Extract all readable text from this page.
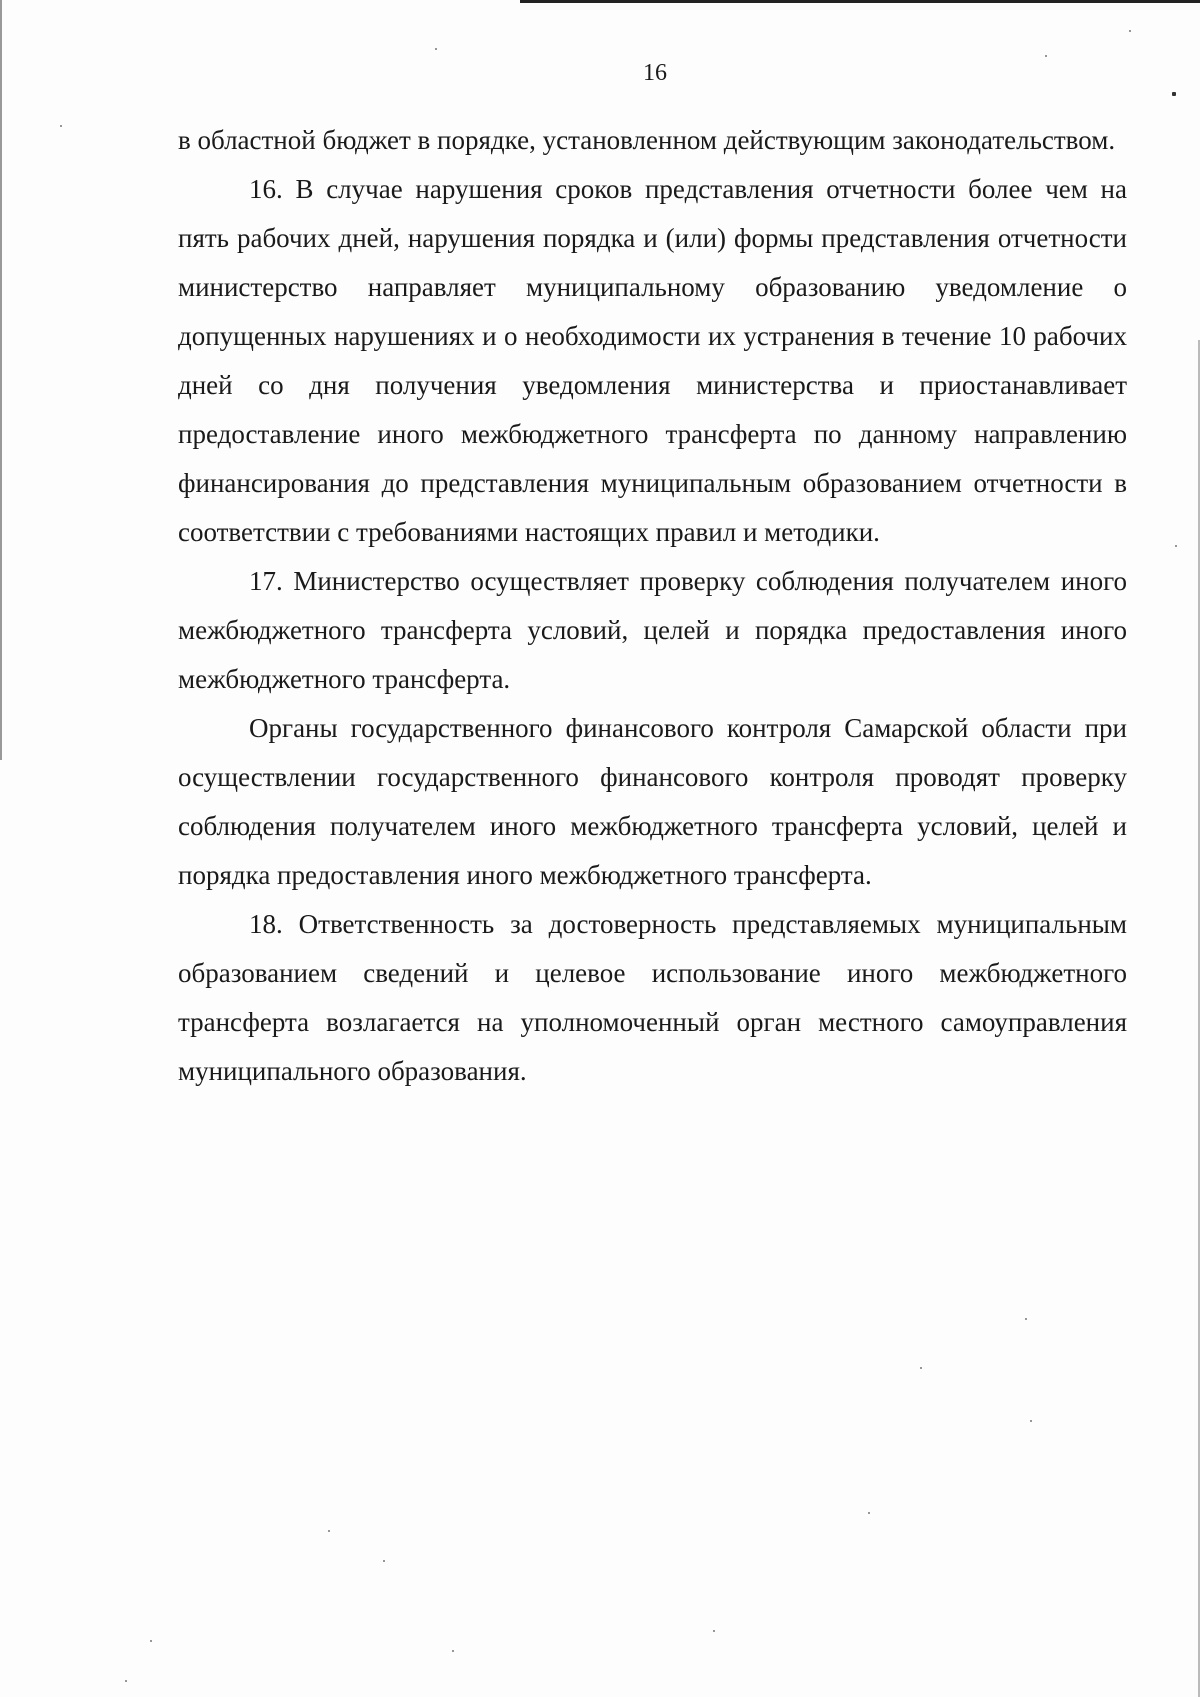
16

в областной бюджет в порядке, установленном действующим законодательством.

16. В случае нарушения сроков представления отчетности более чем на пять рабочих дней, нарушения порядка и (или) формы представления отчетности министерство направляет муниципальному образованию уведомление о допущенных нарушениях и о необходимости их устранения в течение 10 рабочих дней со дня получения уведомления министерства и приостанавливает предоставление иного межбюджетного трансферта по данному направлению финансирования до представления муниципальным образованием отчетности в соответствии с требованиями настоящих правил и методики.

17. Министерство осуществляет проверку соблюдения получателем иного межбюджетного трансферта условий, целей и порядка предоставления иного межбюджетного трансферта.

Органы государственного финансового контроля Самарской области при осуществлении государственного финансового контроля проводят проверку соблюдения получателем иного межбюджетного трансферта условий, целей и порядка предоставления иного межбюджетного трансферта.

18. Ответственность за достоверность представляемых муниципальным образованием сведений и целевое использование иного межбюджетного трансферта возлагается на уполномоченный орган местного самоуправления муниципального образования.
